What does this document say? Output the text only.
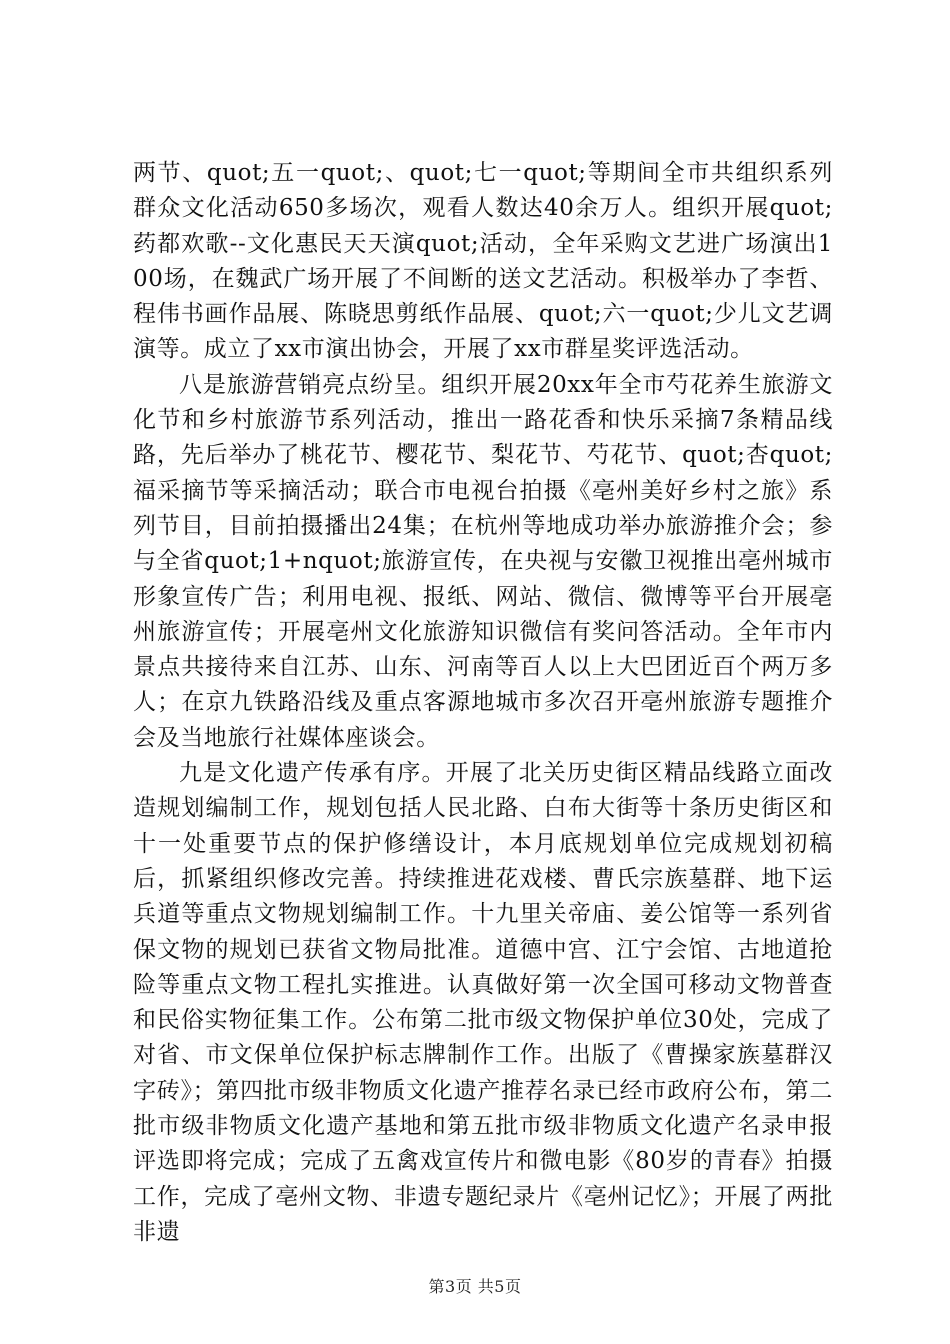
两节、quot;五一quot;、quot;七一quot;等期间全市共组织系列群众文化活动650多场次，观看人数达40余万人。组织开展quot;药都欢歌--文化惠民天天演quot;活动，全年采购文艺进广场演出100场，在魏武广场开展了不间断的送文艺活动。积极举办了李哲、程伟书画作品展、陈晓思剪纸作品展、quot;六一quot;少儿文艺调演等。成立了xx市演出协会，开展了xx市群星奖评选活动。

八是旅游营销亮点纷呈。组织开展20xx年全市芍花养生旅游文化节和乡村旅游节系列活动，推出一路花香和快乐采摘7条精品线路，先后举办了桃花节、樱花节、梨花节、芍花节、quot;杏quot;福采摘节等采摘活动；联合市电视台拍摄《亳州美好乡村之旅》系列节目，目前拍摄播出24集；在杭州等地成功举办旅游推介会；参与全省quot;1+nquot;旅游宣传，在央视与安徽卫视推出亳州城市形象宣传广告；利用电视、报纸、网站、微信、微博等平台开展亳州旅游宣传；开展亳州文化旅游知识微信有奖问答活动。全年市内景点共接待来自江苏、山东、河南等百人以上大巴团近百个两万多人；在京九铁路沿线及重点客源地城市多次召开亳州旅游专题推介会及当地旅行社媒体座谈会。

九是文化遗产传承有序。开展了北关历史街区精品线路立面改造规划编制工作，规划包括人民北路、白布大街等十条历史街区和十一处重要节点的保护修缮设计，本月底规划单位完成规划初稿后，抓紧组织修改完善。持续推进花戏楼、曹氏宗族墓群、地下运兵道等重点文物规划编制工作。十九里关帝庙、姜公馆等一系列省保文物的规划已获省文物局批准。道德中宫、江宁会馆、古地道抢险等重点文物工程扎实推进。认真做好第一次全国可移动文物普查和民俗实物征集工作。公布第二批市级文物保护单位30处，完成了对省、市文保单位保护标志牌制作工作。出版了《曹操家族墓群汉字砖》；第四批市级非物质文化遗产推荐名录已经市政府公布，第二批市级非物质文化遗产基地和第五批市级非物质文化遗产名录申报评选即将完成；完成了五禽戏宣传片和微电影《80岁的青春》拍摄工作，完成了亳州文物、非遗专题纪录片《亳州记忆》；开展了两批非遗

第3页 共5页
